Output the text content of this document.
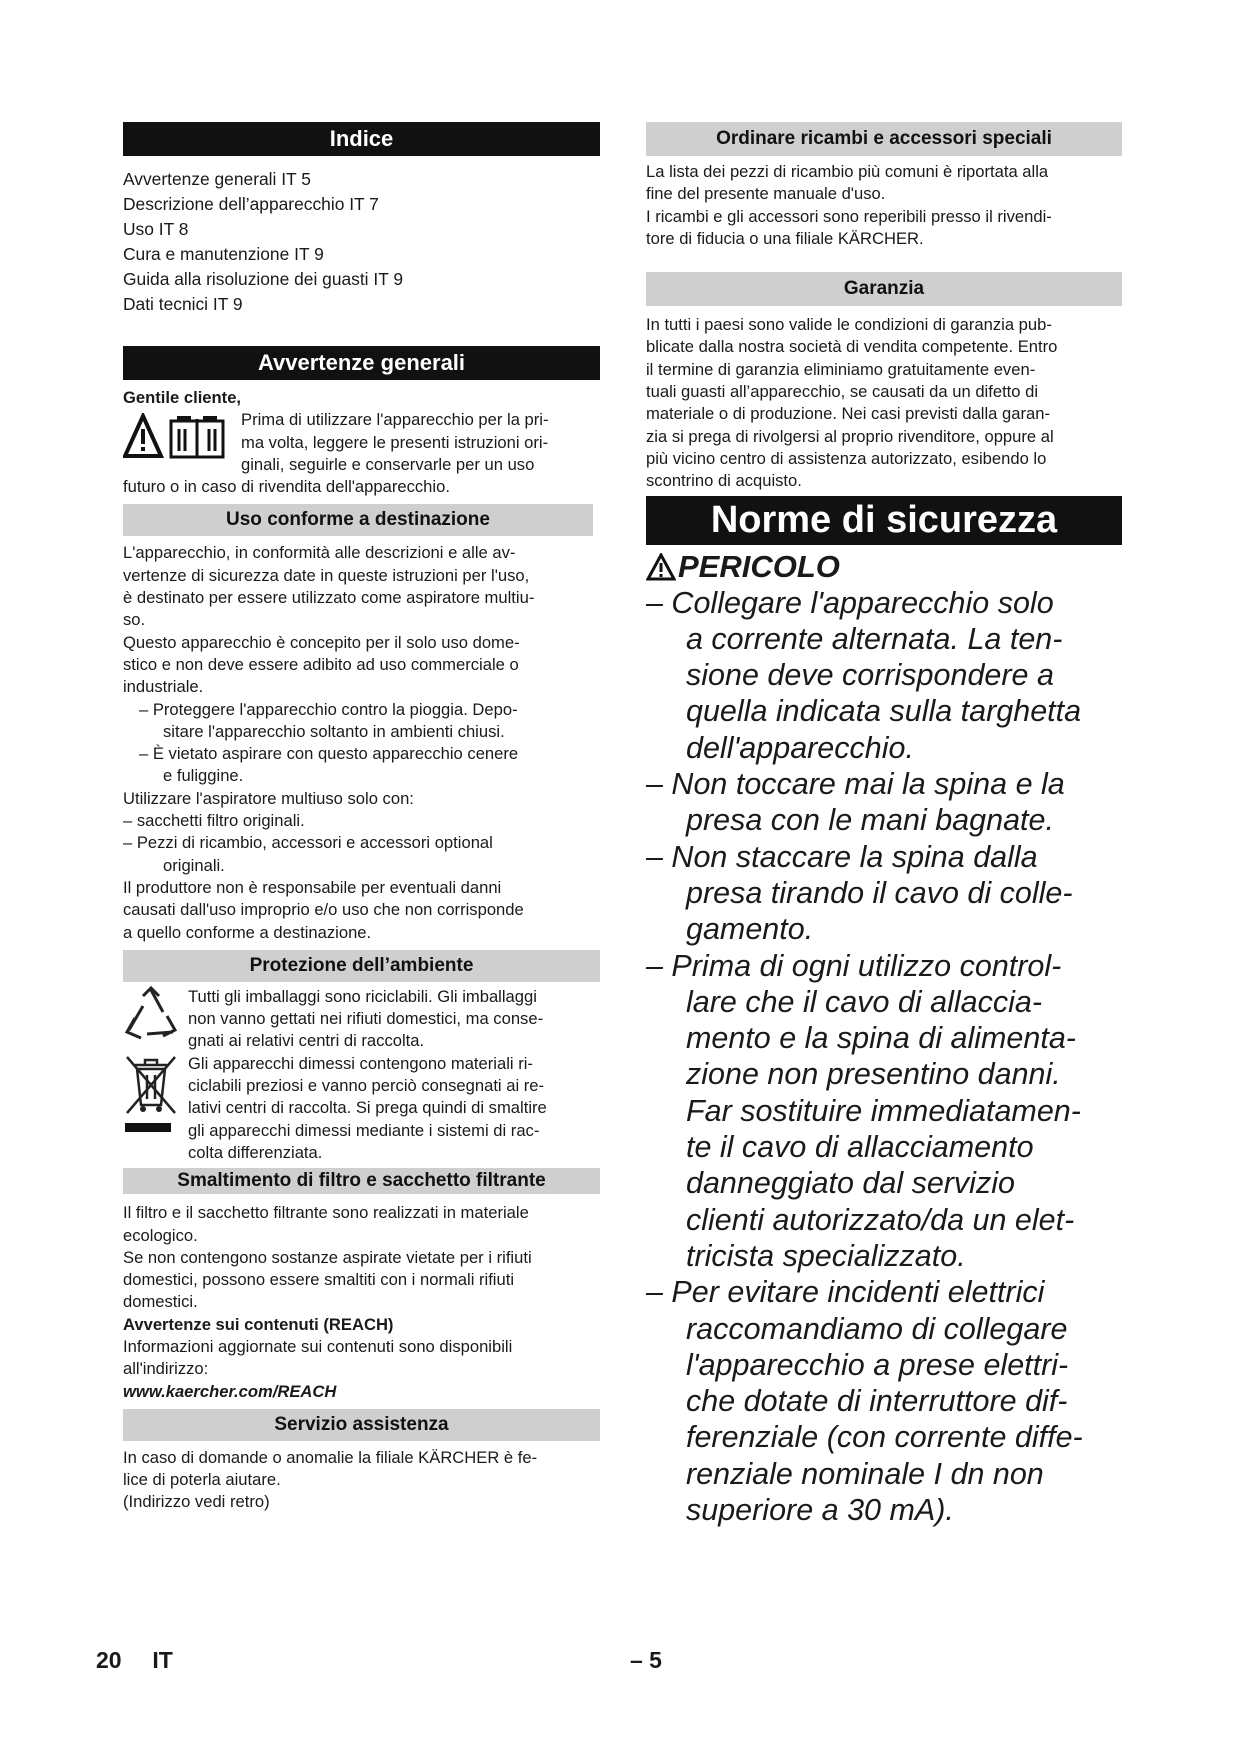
Indice

Avvertenze generali IT 5

Descrizione dell’apparecchio IT 7

Uso IT 8

Cura e manutenzione IT 9

Guida alla risoluzione dei guasti IT 9

Dati tecnici IT 9

Avvertenze generali

Gentile cliente,

Prima di utilizzare l'apparecchio per la pri-

ma volta, leggere le presenti istruzioni ori-

ginali, seguirle e conservarle per un uso

futuro o in caso di rivendita dell'apparecchio.

Uso conforme a destinazione

L'apparecchio, in conformità alle descrizioni e alle av-

vertenze di sicurezza date in queste istruzioni per l'uso,

è destinato per essere utilizzato come aspiratore multiu-

so.

Questo apparecchio è concepito per il solo uso dome-

stico e non deve essere adibito ad uso commerciale o

industriale.

– Proteggere l'apparecchio contro la pioggia. Depo-

sitare l'apparecchio soltanto in ambienti chiusi.

– È vietato aspirare con questo apparecchio cenere

e fuliggine.

Utilizzare l'aspiratore multiuso solo con:

– sacchetti filtro originali.

– Pezzi di ricambio, accessori e accessori optional

originali.

Il produttore non è responsabile per eventuali danni

causati dall'uso improprio e/o uso che non corrisponde

a quello conforme a destinazione.

Protezione dell’ambiente

Tutti gli imballaggi sono riciclabili. Gli imballaggi

non vanno gettati nei rifiuti domestici, ma conse-

gnati ai relativi centri di raccolta.

Gli apparecchi dimessi contengono materiali ri-

ciclabili preziosi e vanno perciò consegnati ai re-

lativi centri di raccolta. Si prega quindi di smaltire

gli apparecchi dimessi mediante i sistemi di rac-

colta differenziata.

Smaltimento di filtro e sacchetto filtrante

Il filtro e il sacchetto filtrante sono realizzati in materiale

ecologico.

Se non contengono sostanze aspirate vietate per i rifiuti

domestici, possono essere smaltiti con i normali rifiuti

domestici.

Avvertenze sui contenuti (REACH)

Informazioni aggiornate sui contenuti sono disponibili

all'indirizzo:

www.kaercher.com/REACH

Servizio assistenza

In caso di domande o anomalie la filiale KÄRCHER è fe-

lice di poterla aiutare.

(Indirizzo vedi retro)

Ordinare ricambi e accessori speciali

La lista dei pezzi di ricambio più comuni è riportata alla

fine del presente manuale d'uso.

I ricambi e gli accessori sono reperibili presso il rivendi-

tore di fiducia o una filiale KÄRCHER.

Garanzia

In tutti i paesi sono valide le condizioni di garanzia pub-

blicate dalla nostra società di vendita competente. Entro

il termine di garanzia eliminiamo gratuitamente even-

tuali guasti all’apparecchio, se causati da un difetto di

materiale o di produzione. Nei casi previsti dalla garan-

zia si prega di rivolgersi al proprio rivenditore, oppure al

più vicino centro di assistenza autorizzato, esibendo lo

scontrino di acquisto.

Norme di sicurezza
PERICOLO
– Collegare l'apparecchio solo
a corrente alternata. La ten-
sione deve corrispondere a
quella indicata sulla targhetta
dell'apparecchio.
– Non toccare mai la spina e la
presa con le mani bagnate.
– Non staccare la spina dalla
presa tirando il cavo di colle-
gamento.
– Prima di ogni utilizzo control-
lare che il cavo di allaccia-
mento e la spina di alimenta-
zione non presentino danni.
Far sostituire immediatamen-
te il cavo di allacciamento
danneggiato dal servizio
clienti autorizzato/da un elet-
tricista specializzato.
– Per evitare incidenti elettrici
raccomandiamo di collegare
l'apparecchio a prese elettri-
che dotate di interruttore dif-
ferenziale (con corrente diffe-
renziale nominale I dn non
superiore a 30 mA).
20 IT	– 5
